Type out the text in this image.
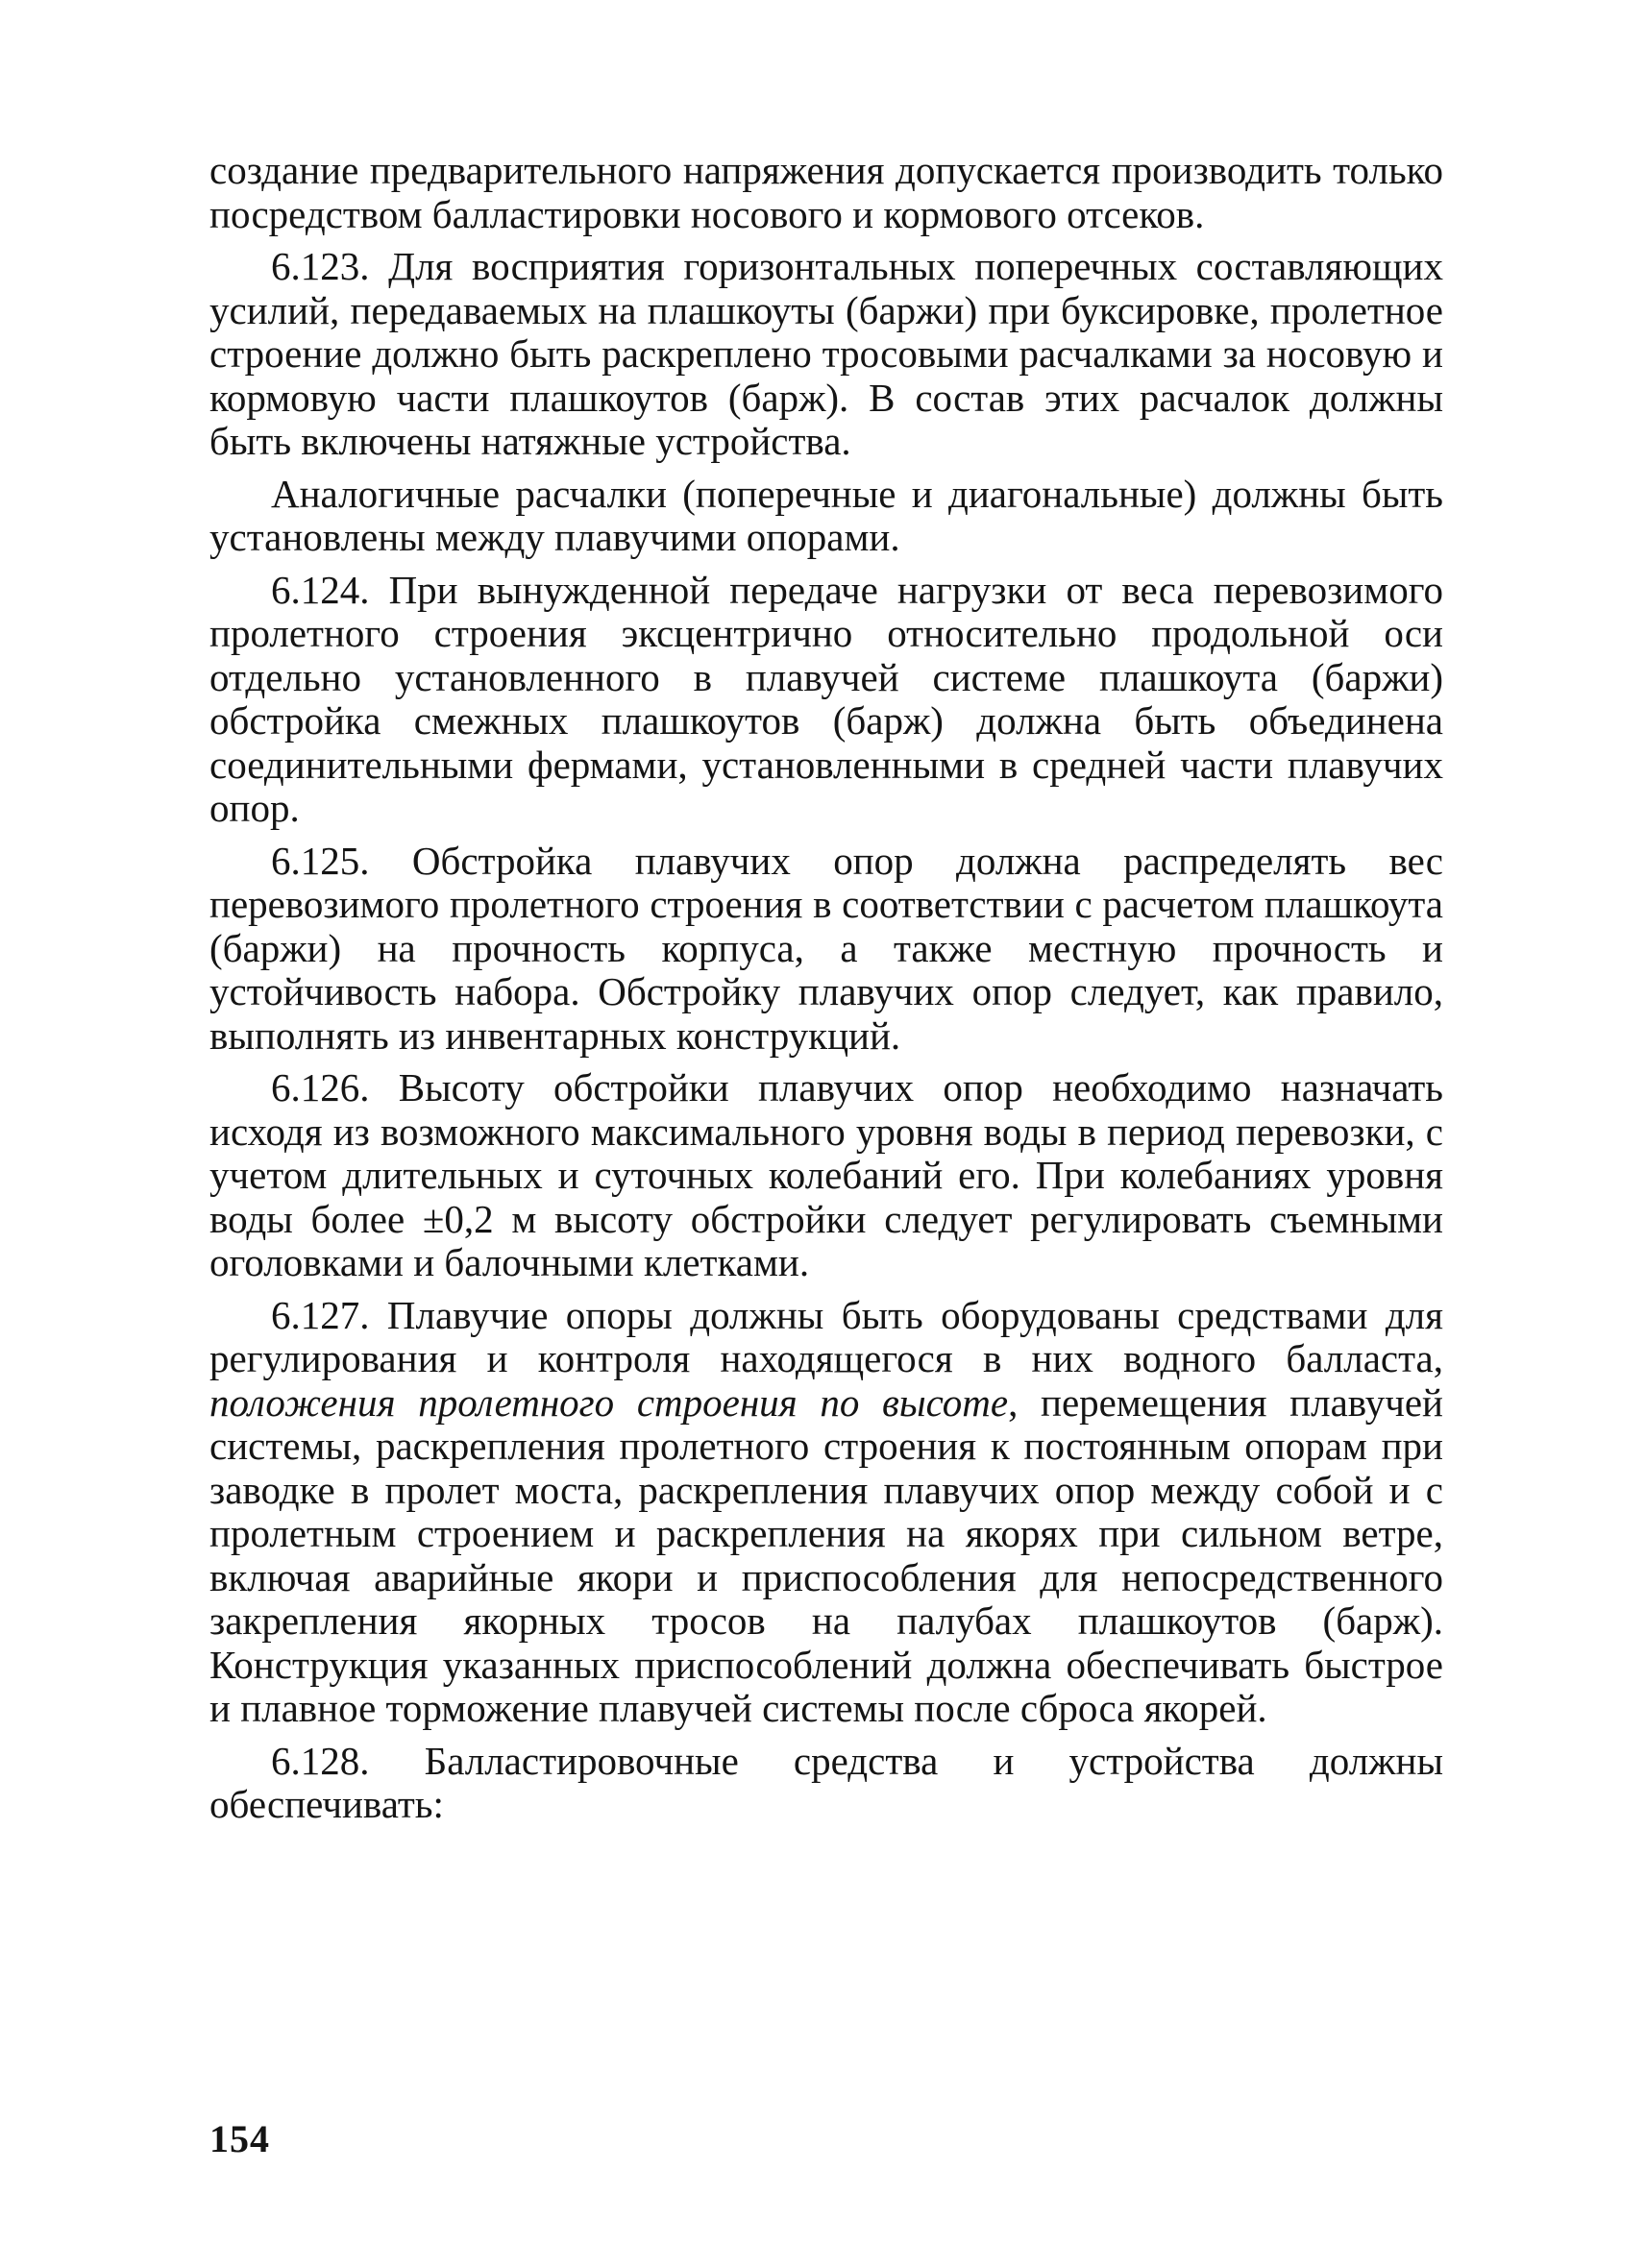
создание предварительного напряжения допускается производить только посредством балластировки носового и кормового отсеков.

6.123. Для восприятия горизонтальных поперечных составляющих усилий, передаваемых на плашкоуты (баржи) при буксировке, пролетное строение должно быть раскреплено тросовыми расчалками за носовую и кормовую части плашкоутов (барж). В состав этих расчалок должны быть включены натяжные устройства.

Аналогичные расчалки (поперечные и диагональные) должны быть установлены между плавучими опорами.

6.124. При вынужденной передаче нагрузки от веса перевозимого пролетного строения эксцентрично относительно продольной оси отдельно установленного в плавучей системе плашкоута (баржи) обстройка смежных плашкоутов (барж) должна быть объединена соединительными фермами, установленными в средней части плавучих опор.

6.125. Обстройка плавучих опор должна распределять вес перевозимого пролетного строения в соответствии с расчетом плашкоута (баржи) на прочность корпуса, а также местную прочность и устойчивость набора. Обстройку плавучих опор следует, как правило, выполнять из инвентарных конструкций.

6.126. Высоту обстройки плавучих опор необходимо назначать исходя из возможного максимального уровня воды в период перевозки, с учетом длительных и суточных колебаний его. При колебаниях уровня воды более ±0,2 м высоту обстройки следует регулировать съемными оголовками и балочными клетками.

6.127. Плавучие опоры должны быть оборудованы средствами для регулирования и контроля находящегося в них водного балласта, положения пролетного строения по высоте, перемещения плавучей системы, раскрепления пролетного строения к постоянным опорам при заводке в пролет моста, раскрепления плавучих опор между собой и с пролетным строением и раскрепления на якорях при сильном ветре, включая аварийные якори и приспособления для непосредственного закрепления якорных тросов на палубах плашкоутов (барж). Конструкция указанных приспособлений должна обеспечивать быстрое и плавное торможение плавучей системы после сброса якорей.

6.128. Балластировочные средства и устройства должны обеспечивать:

154
